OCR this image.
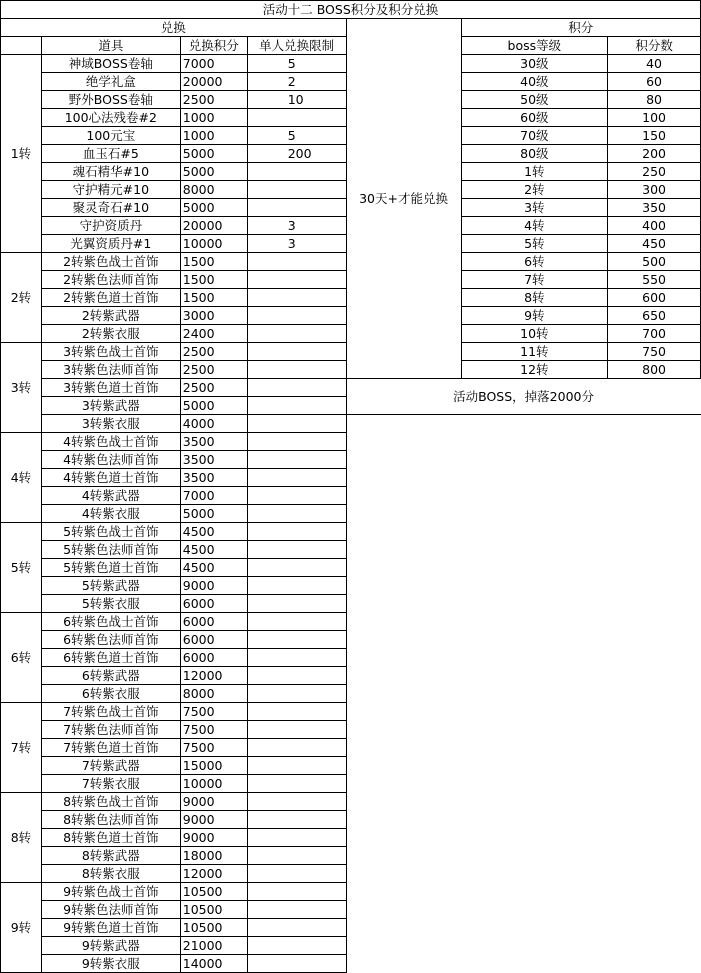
活动十二 BOSS积分及积分兑换						
兑换				30天+才能兑换	积分	
	道具	兑换积分	单人兑换限制		boss等级	积分数
1转	神域BOSS卷轴	7000	5		30级	40
	绝学礼盒	20000	2		40级	60
	野外BOSS卷轴	2500	10		50级	80
	100心法残卷#2	1000			60级	100
	100元宝	1000	5		70级	150
	血玉石#5	5000	200		80级	200
	魂石精华#10	5000			1转	250
	守护精元#10	8000			2转	300
	聚灵奇石#10	5000			3转	350
	守护资质丹	20000	3		4转	400
	光翼资质丹#1	10000	3		5转	450
2转	2转紫色战士首饰	1500			6转	500
	2转紫色法师首饰	1500			7转	550
	2转紫色道士首饰	1500			8转	600
	2转紫武器	3000			9转	650
	2转紫衣服	2400			10转	700
3转	3转紫色战士首饰	2500			11转	750
	3转紫色法师首饰	2500			12转	800
	3转紫色道士首饰	2500		活动BOSS，掉落2000分		
	3转紫武器	5000				
	3转紫衣服	4000				
4转	4转紫色战士首饰	3500				
	4转紫色法师首饰	3500				
	4转紫色道士首饰	3500				
	4转紫武器	7000				
	4转紫衣服	5000				
5转	5转紫色战士首饰	4500				
	5转紫色法师首饰	4500				
	5转紫色道士首饰	4500				
	5转紫武器	9000				
	5转紫衣服	6000				
6转	6转紫色战士首饰	6000				
	6转紫色法师首饰	6000				
	6转紫色道士首饰	6000				
	6转紫武器	12000				
	6转紫衣服	8000				
7转	7转紫色战士首饰	7500				
	7转紫色法师首饰	7500				
	7转紫色道士首饰	7500				
	7转紫武器	15000				
	7转紫衣服	10000				
8转	8转紫色战士首饰	9000				
	8转紫色法师首饰	9000				
	8转紫色道士首饰	9000				
	8转紫武器	18000				
	8转紫衣服	12000				
9转	9转紫色战士首饰	10500				
	9转紫色法师首饰	10500				
	9转紫色道士首饰	10500				
	9转紫武器	21000				
	9转紫衣服	14000				
